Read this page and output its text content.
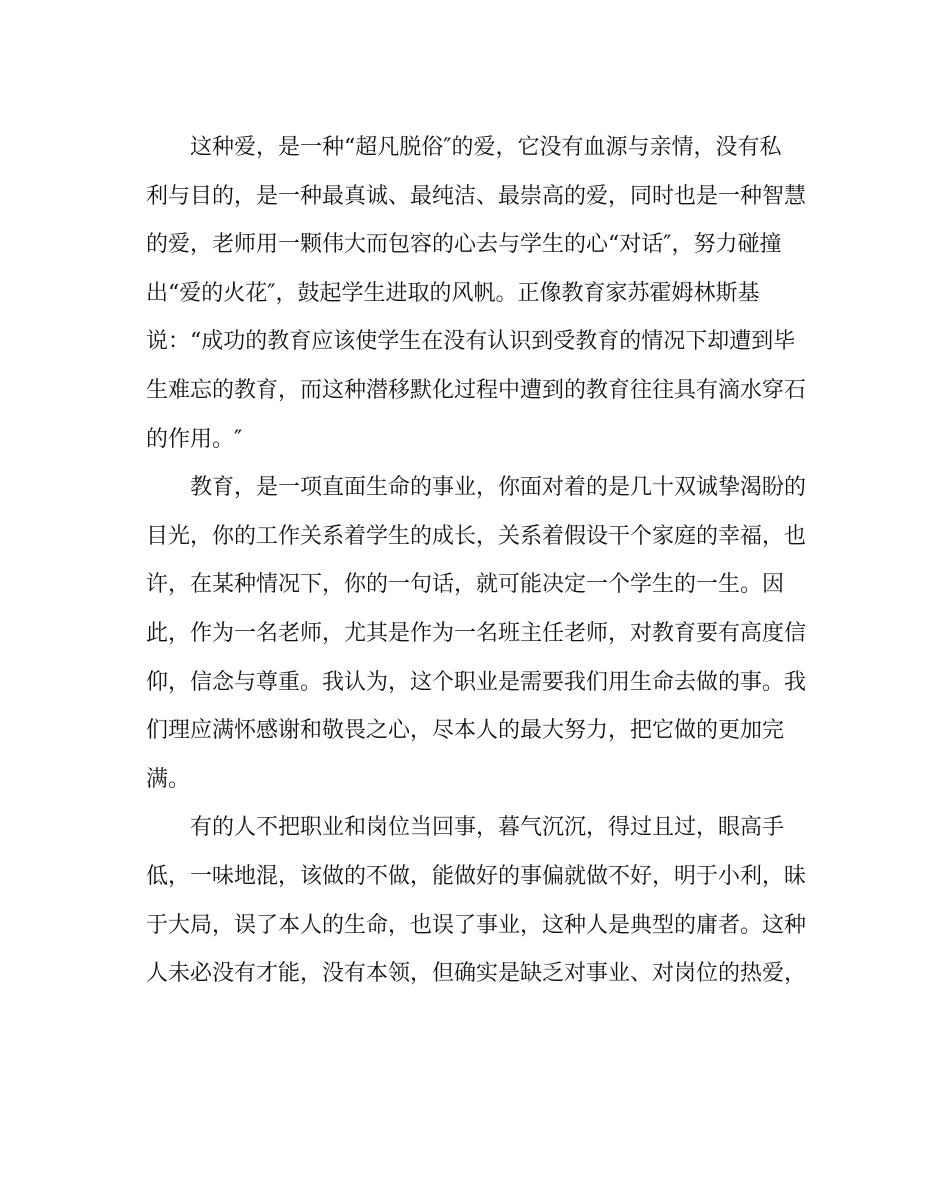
这种爱，是一种“超凡脱俗″的爱，它没有血源与亲情，没有私
利与目的，是一种最真诚、最纯洁、最崇高的爱，同时也是一种智慧
的爱，老师用一颗伟大而包容的心去与学生的心“对话″，努力碰撞
出“爱的火花″，鼓起学生进取的风帆。正像教育家苏霍姆林斯基
说：“成功的教育应该使学生在没有认识到受教育的情况下却遭到毕
生难忘的教育，而这种潜移默化过程中遭到的教育往往具有滴水穿石
的作用。″
教育，是一项直面生命的事业，你面对着的是几十双诚挚渴盼的
目光，你的工作关系着学生的成长，关系着假设干个家庭的幸福，也
许，在某种情况下，你的一句话，就可能决定一个学生的一生。因
此，作为一名老师，尤其是作为一名班主任老师，对教育要有高度信
仰，信念与尊重。我认为，这个职业是需要我们用生命去做的事。我
们理应满怀感谢和敬畏之心，尽本人的最大努力，把它做的更加完
满。
有的人不把职业和岗位当回事，暮气沉沉，得过且过，眼高手
低，一味地混，该做的不做，能做好的事偏就做不好，明于小利，昧
于大局，误了本人的生命，也误了事业，这种人是典型的庸者。这种
人未必没有才能，没有本领，但确实是缺乏对事业、对岗位的热爱，
